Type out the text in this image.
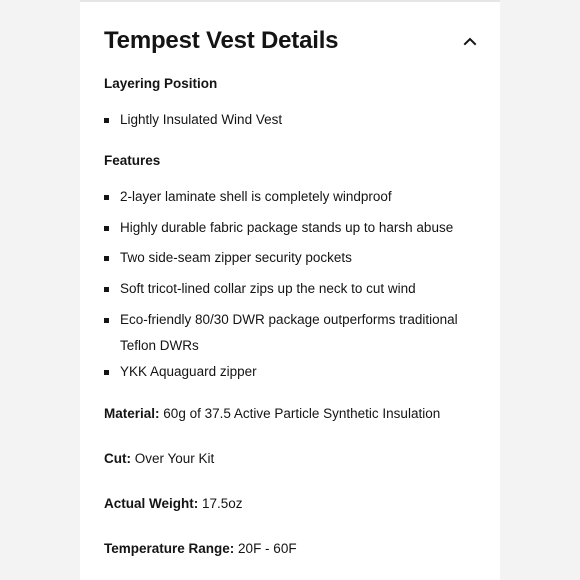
Tempest Vest Details
Layering Position
Lightly Insulated Wind Vest
Features
2-layer laminate shell is completely windproof
Highly durable fabric package stands up to harsh abuse
Two side-seam zipper security pockets
Soft tricot-lined collar zips up the neck to cut wind
Eco-friendly 80/30 DWR package outperforms traditional Teflon DWRs
YKK Aquaguard zipper
Material: 60g of 37.5 Active Particle Synthetic Insulation
Cut: Over Your Kit
Actual Weight: 17.5oz
Temperature Range: 20F - 60F
